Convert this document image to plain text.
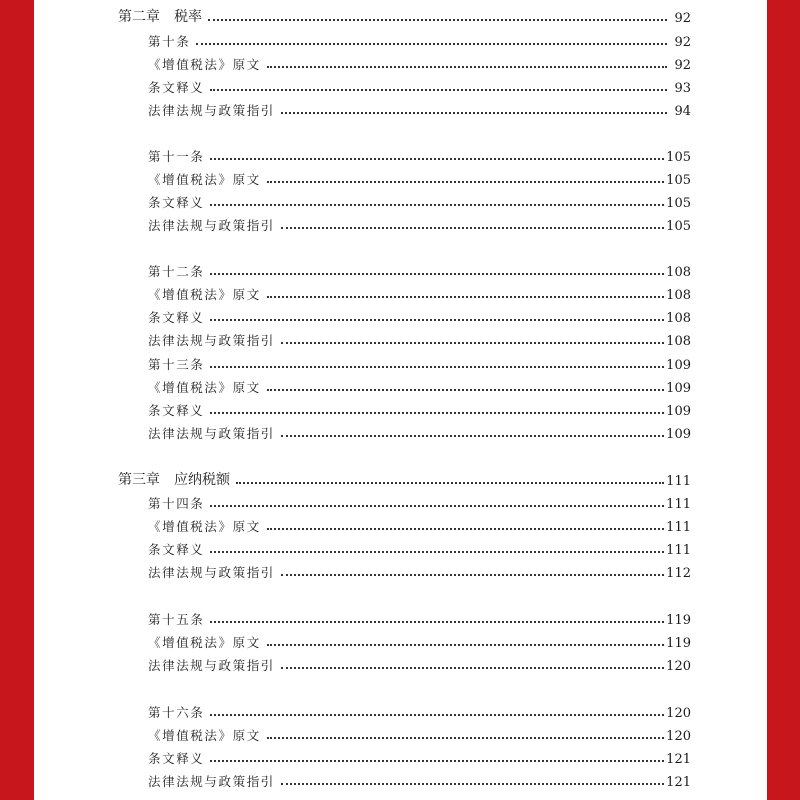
第二章　税率	92
第十条	92
《增值税法》原文	92
条文释义	93
法律法规与政策指引	94
第十一条	105
《增值税法》原文	105
条文释义	105
法律法规与政策指引	105
第十二条	108
《增值税法》原文	108
条文释义	108
法律法规与政策指引	108
第十三条	109
《增值税法》原文	109
条文释义	109
法律法规与政策指引	109
第三章　应纳税额	111
第十四条	111
《增值税法》原文	111
条文释义	111
法律法规与政策指引	112
第十五条	119
《增值税法》原文	119
法律法规与政策指引	120
第十六条	120
《增值税法》原文	120
条文释义	121
法律法规与政策指引	121
